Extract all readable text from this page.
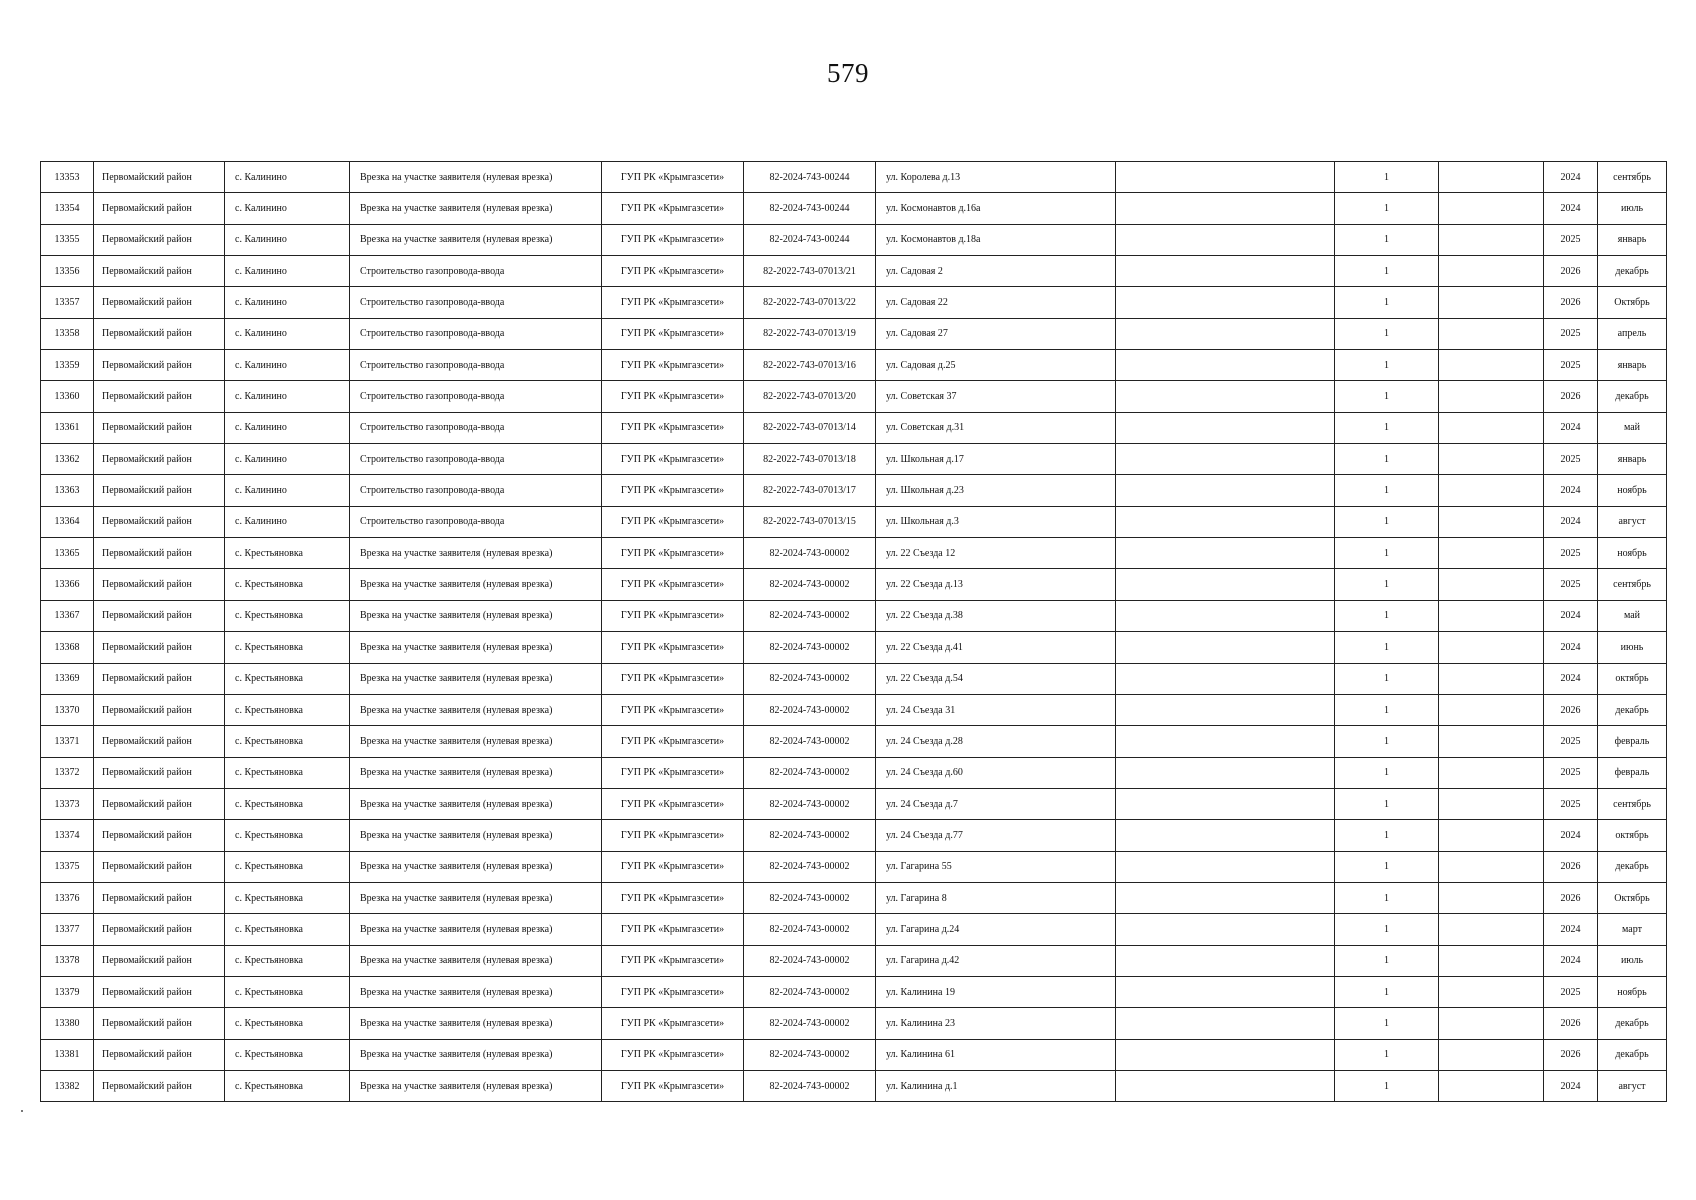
579
13353	Первомайский район	с. Калинино	Врезка на участке заявителя (нулевая врезка)	ГУП РК «Крымгазсети»	82-2024-743-00244	ул. Королева д.13		1		2024	сентябрь
13354	Первомайский район	с. Калинино	Врезка на участке заявителя (нулевая врезка)	ГУП РК «Крымгазсети»	82-2024-743-00244	ул. Космонавтов д.16а		1		2024	июль
13355	Первомайский район	с. Калинино	Врезка на участке заявителя (нулевая врезка)	ГУП РК «Крымгазсети»	82-2024-743-00244	ул. Космонавтов д.18а		1		2025	январь
13356	Первомайский район	с. Калинино	Строительство газопровода-ввода	ГУП РК «Крымгазсети»	82-2022-743-07013/21	ул. Садовая 2		1		2026	декабрь
13357	Первомайский район	с. Калинино	Строительство газопровода-ввода	ГУП РК «Крымгазсети»	82-2022-743-07013/22	ул. Садовая 22		1		2026	Октябрь
13358	Первомайский район	с. Калинино	Строительство газопровода-ввода	ГУП РК «Крымгазсети»	82-2022-743-07013/19	ул. Садовая 27		1		2025	апрель
13359	Первомайский район	с. Калинино	Строительство газопровода-ввода	ГУП РК «Крымгазсети»	82-2022-743-07013/16	ул. Садовая д.25		1		2025	январь
13360	Первомайский район	с. Калинино	Строительство газопровода-ввода	ГУП РК «Крымгазсети»	82-2022-743-07013/20	ул. Советская 37		1		2026	декабрь
13361	Первомайский район	с. Калинино	Строительство газопровода-ввода	ГУП РК «Крымгазсети»	82-2022-743-07013/14	ул. Советская д.31		1		2024	май
13362	Первомайский район	с. Калинино	Строительство газопровода-ввода	ГУП РК «Крымгазсети»	82-2022-743-07013/18	ул. Школьная д.17		1		2025	январь
13363	Первомайский район	с. Калинино	Строительство газопровода-ввода	ГУП РК «Крымгазсети»	82-2022-743-07013/17	ул. Школьная д.23		1		2024	ноябрь
13364	Первомайский район	с. Калинино	Строительство газопровода-ввода	ГУП РК «Крымгазсети»	82-2022-743-07013/15	ул. Школьная д.3		1		2024	август
13365	Первомайский район	с. Крестьяновка	Врезка на участке заявителя (нулевая врезка)	ГУП РК «Крымгазсети»	82-2024-743-00002	ул. 22 Съезда 12		1		2025	ноябрь
13366	Первомайский район	с. Крестьяновка	Врезка на участке заявителя (нулевая врезка)	ГУП РК «Крымгазсети»	82-2024-743-00002	ул. 22 Съезда д.13		1		2025	сентябрь
13367	Первомайский район	с. Крестьяновка	Врезка на участке заявителя (нулевая врезка)	ГУП РК «Крымгазсети»	82-2024-743-00002	ул. 22 Съезда д.38		1		2024	май
13368	Первомайский район	с. Крестьяновка	Врезка на участке заявителя (нулевая врезка)	ГУП РК «Крымгазсети»	82-2024-743-00002	ул. 22 Съезда д.41		1		2024	июнь
13369	Первомайский район	с. Крестьяновка	Врезка на участке заявителя (нулевая врезка)	ГУП РК «Крымгазсети»	82-2024-743-00002	ул. 22 Съезда д.54		1		2024	октябрь
13370	Первомайский район	с. Крестьяновка	Врезка на участке заявителя (нулевая врезка)	ГУП РК «Крымгазсети»	82-2024-743-00002	ул. 24 Съезда 31		1		2026	декабрь
13371	Первомайский район	с. Крестьяновка	Врезка на участке заявителя (нулевая врезка)	ГУП РК «Крымгазсети»	82-2024-743-00002	ул. 24 Съезда д.28		1		2025	февраль
13372	Первомайский район	с. Крестьяновка	Врезка на участке заявителя (нулевая врезка)	ГУП РК «Крымгазсети»	82-2024-743-00002	ул. 24 Съезда д.60		1		2025	февраль
13373	Первомайский район	с. Крестьяновка	Врезка на участке заявителя (нулевая врезка)	ГУП РК «Крымгазсети»	82-2024-743-00002	ул. 24 Съезда д.7		1		2025	сентябрь
13374	Первомайский район	с. Крестьяновка	Врезка на участке заявителя (нулевая врезка)	ГУП РК «Крымгазсети»	82-2024-743-00002	ул. 24 Съезда д.77		1		2024	октябрь
13375	Первомайский район	с. Крестьяновка	Врезка на участке заявителя (нулевая врезка)	ГУП РК «Крымгазсети»	82-2024-743-00002	ул. Гагарина 55		1		2026	декабрь
13376	Первомайский район	с. Крестьяновка	Врезка на участке заявителя (нулевая врезка)	ГУП РК «Крымгазсети»	82-2024-743-00002	ул. Гагарина 8		1		2026	Октябрь
13377	Первомайский район	с. Крестьяновка	Врезка на участке заявителя (нулевая врезка)	ГУП РК «Крымгазсети»	82-2024-743-00002	ул. Гагарина д.24		1		2024	март
13378	Первомайский район	с. Крестьяновка	Врезка на участке заявителя (нулевая врезка)	ГУП РК «Крымгазсети»	82-2024-743-00002	ул. Гагарина д.42		1		2024	июль
13379	Первомайский район	с. Крестьяновка	Врезка на участке заявителя (нулевая врезка)	ГУП РК «Крымгазсети»	82-2024-743-00002	ул. Калинина 19		1		2025	ноябрь
13380	Первомайский район	с. Крестьяновка	Врезка на участке заявителя (нулевая врезка)	ГУП РК «Крымгазсети»	82-2024-743-00002	ул. Калинина 23		1		2026	декабрь
13381	Первомайский район	с. Крестьяновка	Врезка на участке заявителя (нулевая врезка)	ГУП РК «Крымгазсети»	82-2024-743-00002	ул. Калинина 61		1		2026	декабрь
13382	Первомайский район	с. Крестьяновка	Врезка на участке заявителя (нулевая врезка)	ГУП РК «Крымгазсети»	82-2024-743-00002	ул. Калинина д.1		1		2024	август
